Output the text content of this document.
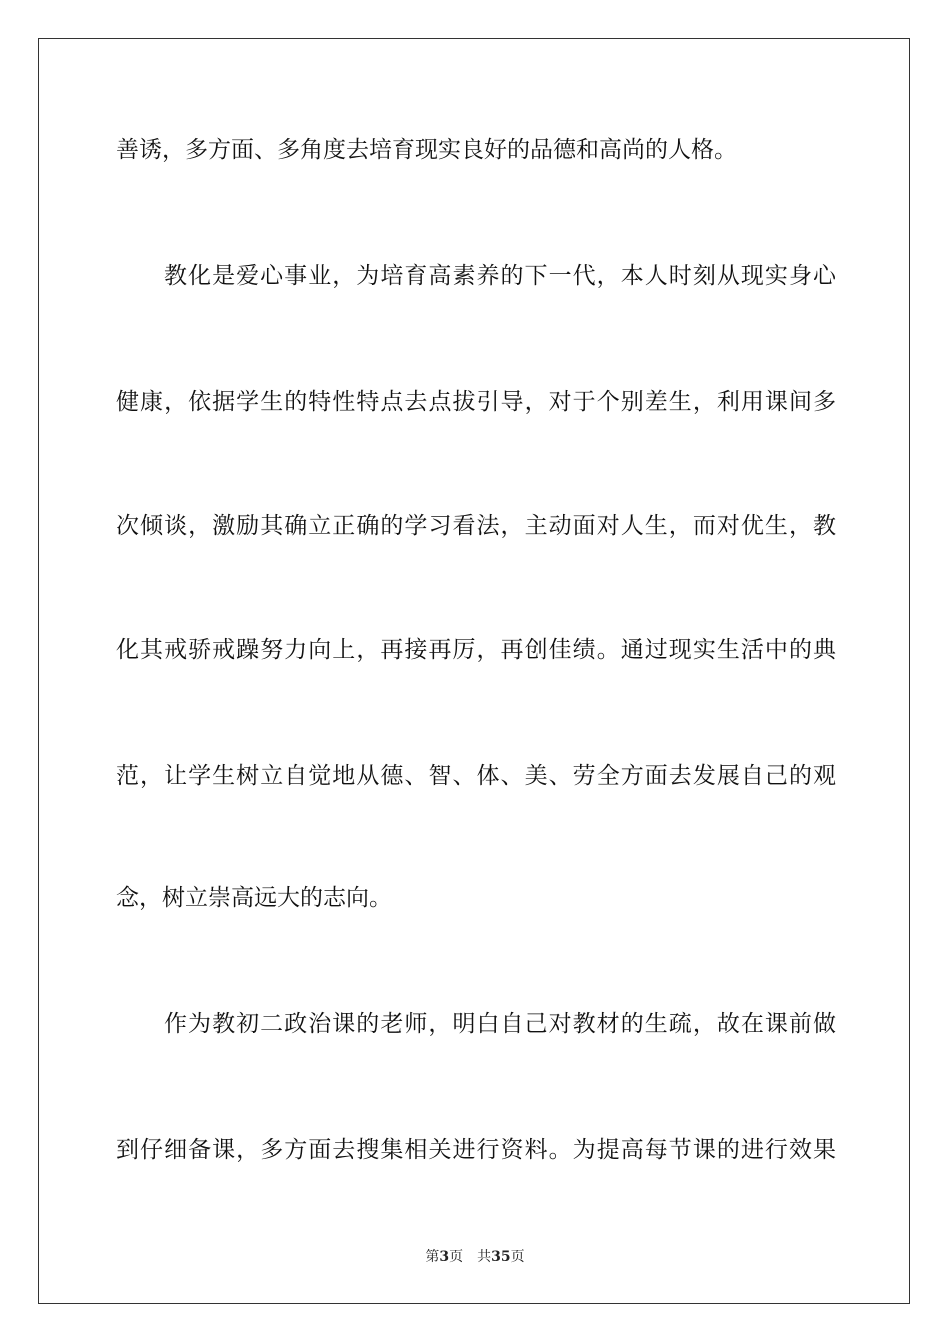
善诱，多方面、多角度去培育现实良好的品德和高尚的人格。
教化是爱心事业，为培育高素养的下一代，本人时刻从现实身心
健康，依据学生的特性特点去点拔引导，对于个别差生，利用课间多
次倾谈，激励其确立正确的学习看法，主动面对人生，而对优生，教
化其戒骄戒躁努力向上，再接再厉，再创佳绩。通过现实生活中的典
范，让学生树立自觉地从德、智、体、美、劳全方面去发展自己的观
念，树立崇高远大的志向。
作为教初二政治课的老师，明白自己对教材的生疏，故在课前做
到仔细备课，多方面去搜集相关进行资料。为提高每节课的进行效果
第3页 共35页
